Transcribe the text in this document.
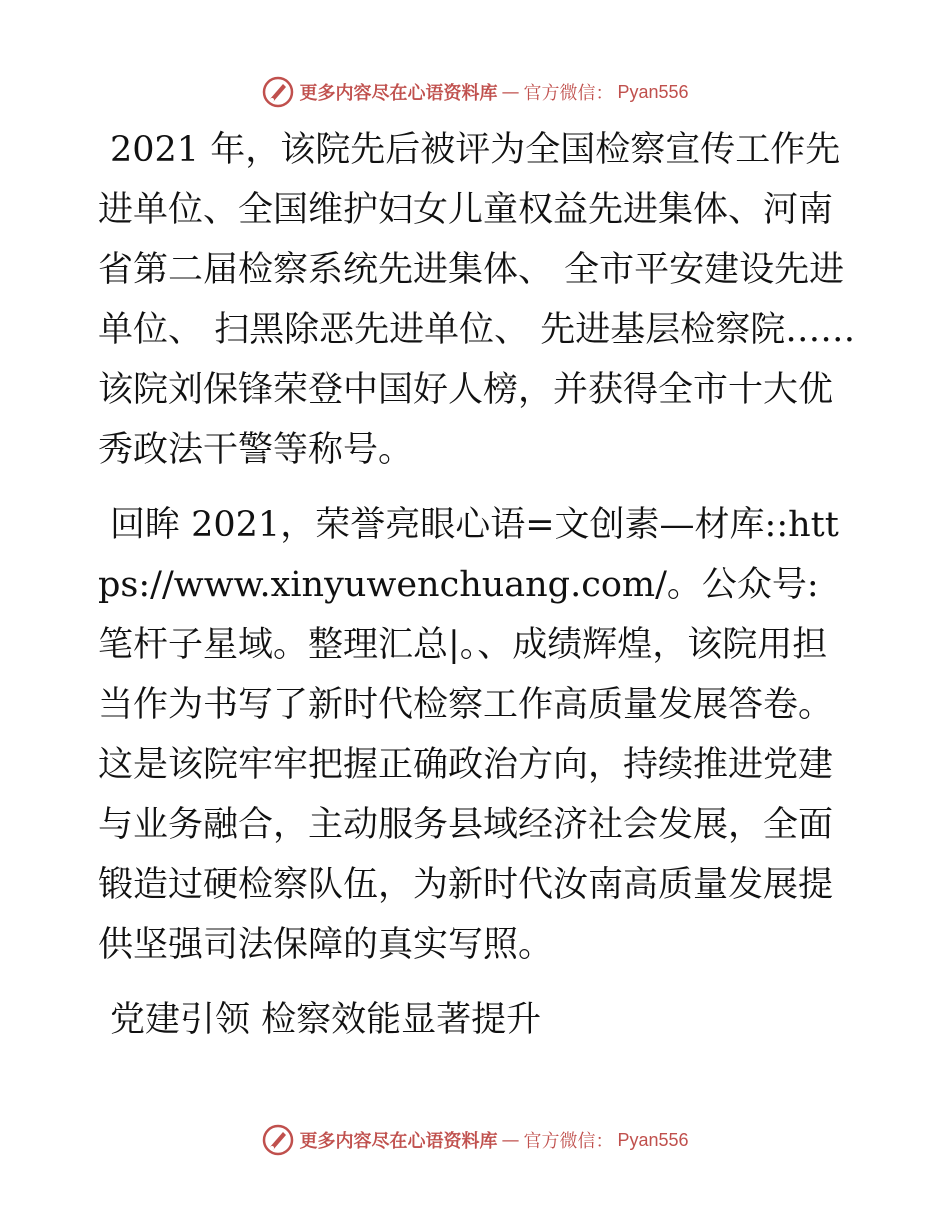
更多内容尽在心语资料库 — 官方微信： Pyan556

2021 年，该院先后被评为全国检察宣传工作先进单位、全国维护妇女儿童权益先进集体、河南省第二届检察系统先进集体、 全市平安建设先进单位、 扫黑除恶先进单位、 先进基层检察院……该院刘保锋荣登中国好人榜，并获得全市十大优秀政法干警等称号。

回眸 2021，荣誉亮眼心语=文创素—材库::https://www.xinyuwenchuang.com/。公众号: 笔杆子星域。整理汇总|。、成绩辉煌，该院用担当作为书写了新时代检察工作高质量发展答卷。这是该院牢牢把握正确政治方向，持续推进党建与业务融合，主动服务县域经济社会发展，全面锻造过硬检察队伍，为新时代汝南高质量发展提供坚强司法保障的真实写照。

党建引领 检察效能显著提升

更多内容尽在心语资料库 — 官方微信： Pyan556
